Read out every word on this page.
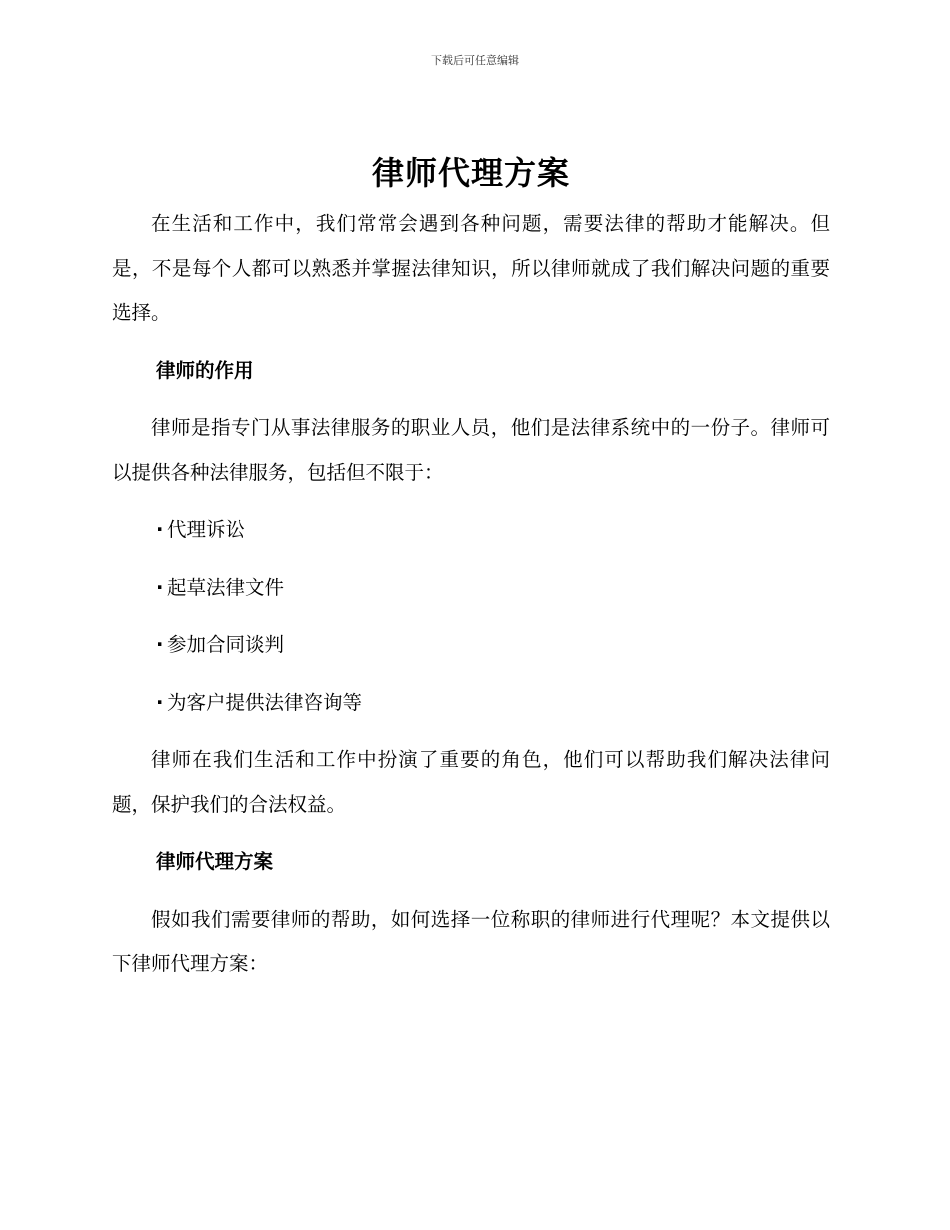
下载后可任意编辑
律师代理方案

在生活和工作中，我们常常会遇到各种问题，需要法律的帮助才能解决。但是，不是每个人都可以熟悉并掌握法律知识，所以律师就成了我们解决问题的重要选择。

律师的作用

律师是指专门从事法律服务的职业人员，他们是法律系统中的一份子。律师可以提供各种法律服务，包括但不限于：

· 代理诉讼
· 起草法律文件
· 参加合同谈判
· 为客户提供法律咨询等

律师在我们生活和工作中扮演了重要的角色，他们可以帮助我们解决法律问题，保护我们的合法权益。

律师代理方案

假如我们需要律师的帮助，如何选择一位称职的律师进行代理呢？本文提供以下律师代理方案：
